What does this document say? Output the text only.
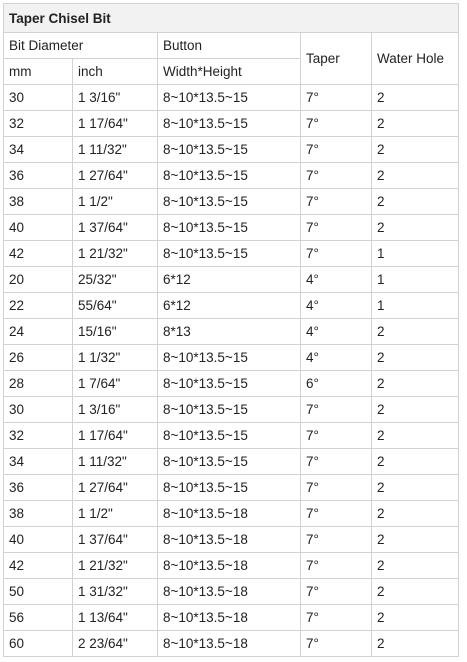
Taper Chisel Bit				
Bit Diameter		Button	Taper	Water Hole
mm	inch	Width*Height		
30	1 3/16"	8~10*13.5~15	7°	2
32	1 17/64"	8~10*13.5~15	7°	2
34	1 11/32"	8~10*13.5~15	7°	2
36	1 27/64"	8~10*13.5~15	7°	2
38	1 1/2"	8~10*13.5~15	7°	2
40	1 37/64"	8~10*13.5~15	7°	2
42	1 21/32"	8~10*13.5~15	7°	1
20	25/32"	6*12	4°	1
22	55/64"	6*12	4°	1
24	15/16"	8*13	4°	2
26	1 1/32"	8~10*13.5~15	4°	2
28	1 7/64"	8~10*13.5~15	6°	2
30	1 3/16"	8~10*13.5~15	7°	2
32	1 17/64"	8~10*13.5~15	7°	2
34	1 11/32"	8~10*13.5~15	7°	2
36	1 27/64"	8~10*13.5~15	7°	2
38	1 1/2"	8~10*13.5~18	7°	2
40	1 37/64"	8~10*13.5~18	7°	2
42	1 21/32"	8~10*13.5~18	7°	2
50	1 31/32"	8~10*13.5~18	7°	2
56	1 13/64"	8~10*13.5~18	7°	2
60	2 23/64"	8~10*13.5~18	7°	2
